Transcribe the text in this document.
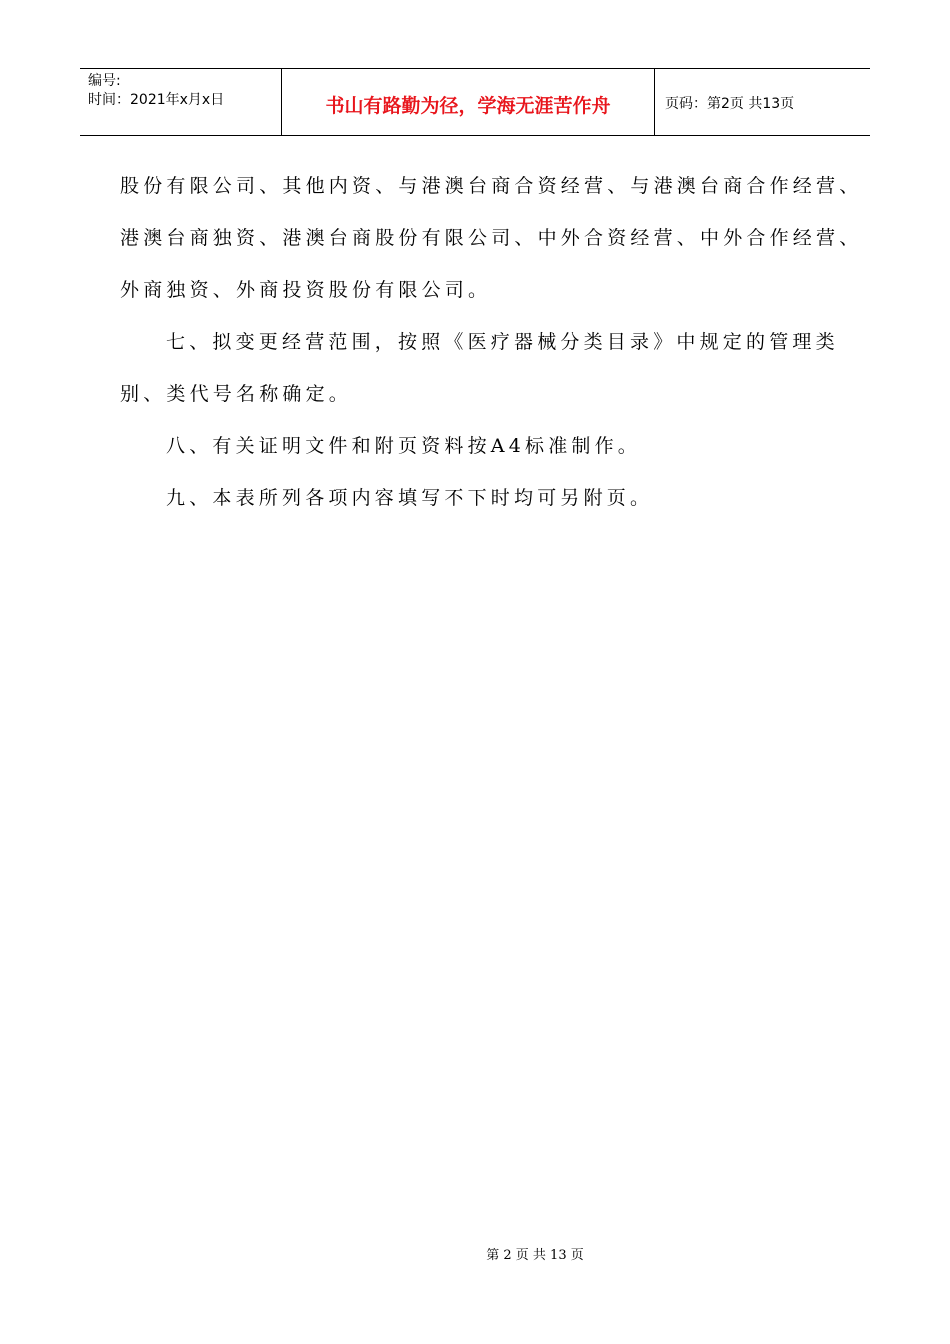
编号:
时间：2021年x月x日	书山有路勤为径，学海无涯苦作舟	页码：第2页 共13页

股份有限公司、其他内资、与港澳台商合资经营、与港澳台商合作经营、

港澳台商独资、港澳台商股份有限公司、中外合资经营、中外合作经营、

外商独资、外商投资股份有限公司。

七、拟变更经营范围，按照《医疗器械分类目录》中规定的管理类

别、类代号名称确定。

八、有关证明文件和附页资料按A4标准制作。

九、本表所列各项内容填写不下时均可另附页。

第 2 页 共 13 页
